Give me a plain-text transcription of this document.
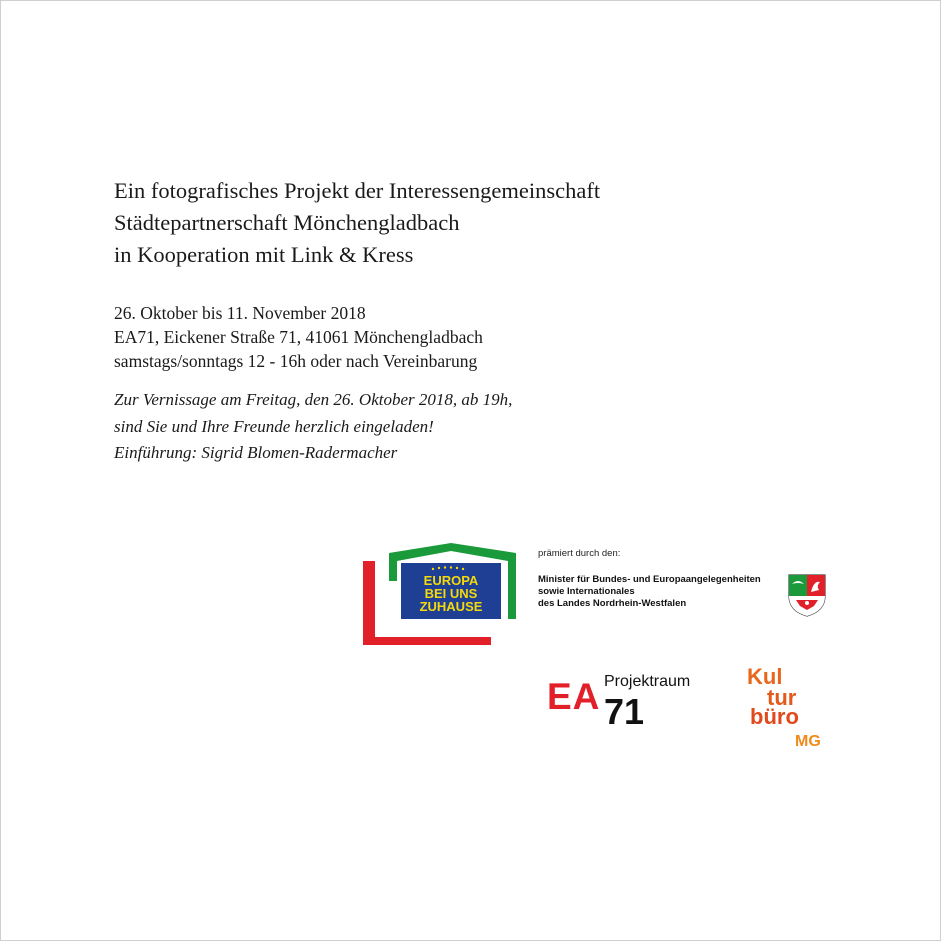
Ein fotografisches Projekt der Interessengemeinschaft
Städtepartnerschaft Mönchengladbach
in Kooperation mit Link & Kress
26. Oktober bis 11. November 2018
EA71, Eickener Straße 71, 41061 Mönchengladbach
samstags/sonntags 12 - 16h oder nach Vereinbarung
Zur Vernissage am Freitag, den 26. Oktober 2018, ab 19h,
sind Sie und Ihre Freunde herzlich eingeladen!
Einführung: Sigrid Blomen-Radermacher
EUROPA
BEI UNS
ZUHAUSE
prämiert durch den:
Minister für Bundes- und Europaangelegenheiten
sowie Internationales
des Landes Nordrhein-Westfalen
EA Projektraum
71
Kul
tur
büro
MG
